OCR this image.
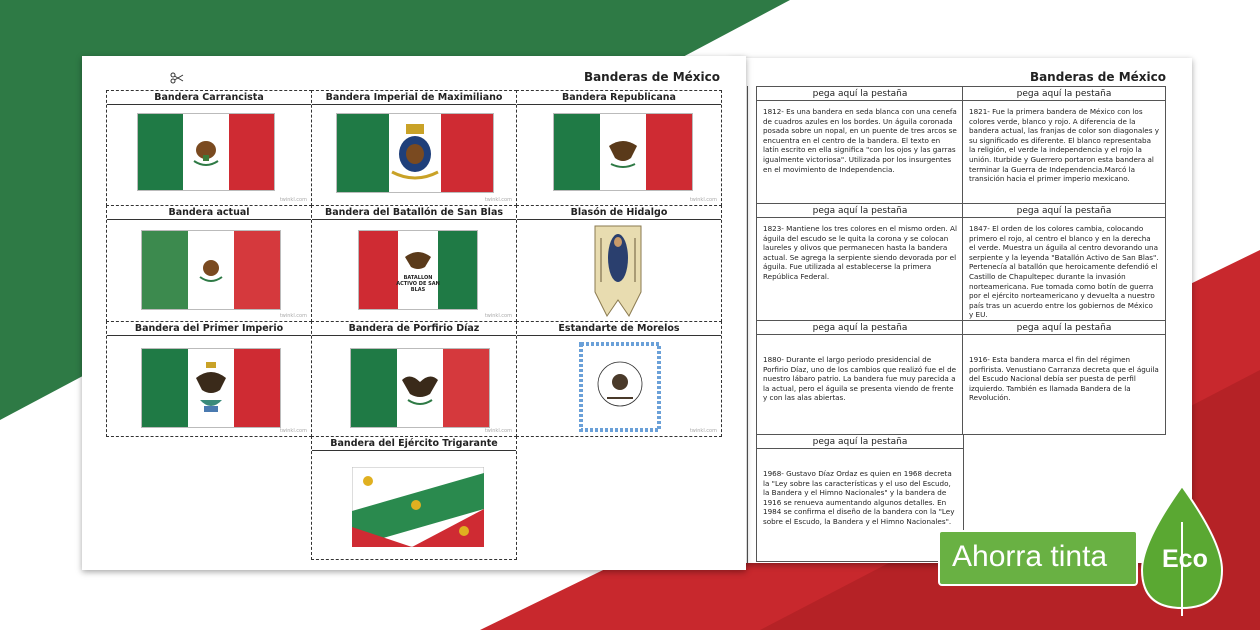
Banderas de México
pega aquí la pestaña
1812- Es una bandera en seda blanca con una cenefa de cuadros azules en los bordes. Un águila coronada posada sobre un nopal, en un puente de tres arcos se encuentra en el centro de la bandera. El texto en latín escrito en ella significa "con los ojos y las garras igualmente victoriosa". Utilizada por los insurgentes en el movimiento de Independencia.
pega aquí la pestaña
1821- Fue la primera bandera de México con los colores verde, blanco y rojo. A diferencia de la bandera actual, las franjas de color son diagonales y su significado es diferente. El blanco representaba la religión, el verde la independencia y el rojo la unión. Iturbide y Guerrero portaron esta bandera al terminar la Guerra de Independencia.Marcó la transición hacia el primer imperio mexicano.
pega aquí la pestaña
1823- Mantiene los tres colores en el mismo orden. Al águila del escudo se le quita la corona y se colocan laureles y olivos que permanecen hasta la bandera actual. Se agrega la serpiente siendo devorada por el águila. Fue utilizada al establecerse la primera República Federal.
pega aquí la pestaña
1847- El orden de los colores cambia, colocando primero el rojo, al centro el blanco y en la derecha el verde. Muestra un águila al centro devorando una serpiente y la leyenda "Batallón Activo de San Blas". Pertenecía al batallón que heroicamente defendió el Castillo de Chapultepec durante la invasión norteamericana. Fue tomada como botín de guerra por el ejército norteamericano y devuelta a nuestro país tras un acuerdo entre los gobiernos de México y EU.
pega aquí la pestaña
1880- Durante el largo periodo presidencial de Porfirio Díaz, uno de los cambios que realizó fue el de nuestro lábaro patrio. La bandera fue muy parecida a la actual, pero el águila se presenta viendo de frente y con las alas abiertas.
pega aquí la pestaña
1916- Esta bandera marca el fin del régimen porfirista. Venustiano Carranza decreta que el águila del Escudo Nacional debía ser puesta de perfil izquierdo. También es llamada Bandera de la Revolución.
pega aquí la pestaña
1968- Gustavo Díaz Ordaz es quien en 1968 decreta la "Ley sobre las características y el uso del Escudo, la Bandera y el Himno Nacionales" y la bandera de 1916 se renueva aumentando algunos detalles. En 1984 se confirma el diseño de la bandera con la "Ley sobre el Escudo, la Bandera y el Himno Nacionales".
Banderas de México
Bandera Carrancista
twinkl.com
Bandera Imperial de Maximiliano
twinkl.com
Bandera Republicana
twinkl.com
Bandera actual
twinkl.com
Bandera del Batallón de San Blas
BATALLON ACTIVO DE SAN BLAS
twinkl.com
Blasón de Hidalgo
Bandera del Primer Imperio
twinkl.com
Bandera de Porfirio Díaz
twinkl.com
Estandarte de Morelos
twinkl.com
Bandera del Ejército Trigarante
Ahorra tinta Eco
